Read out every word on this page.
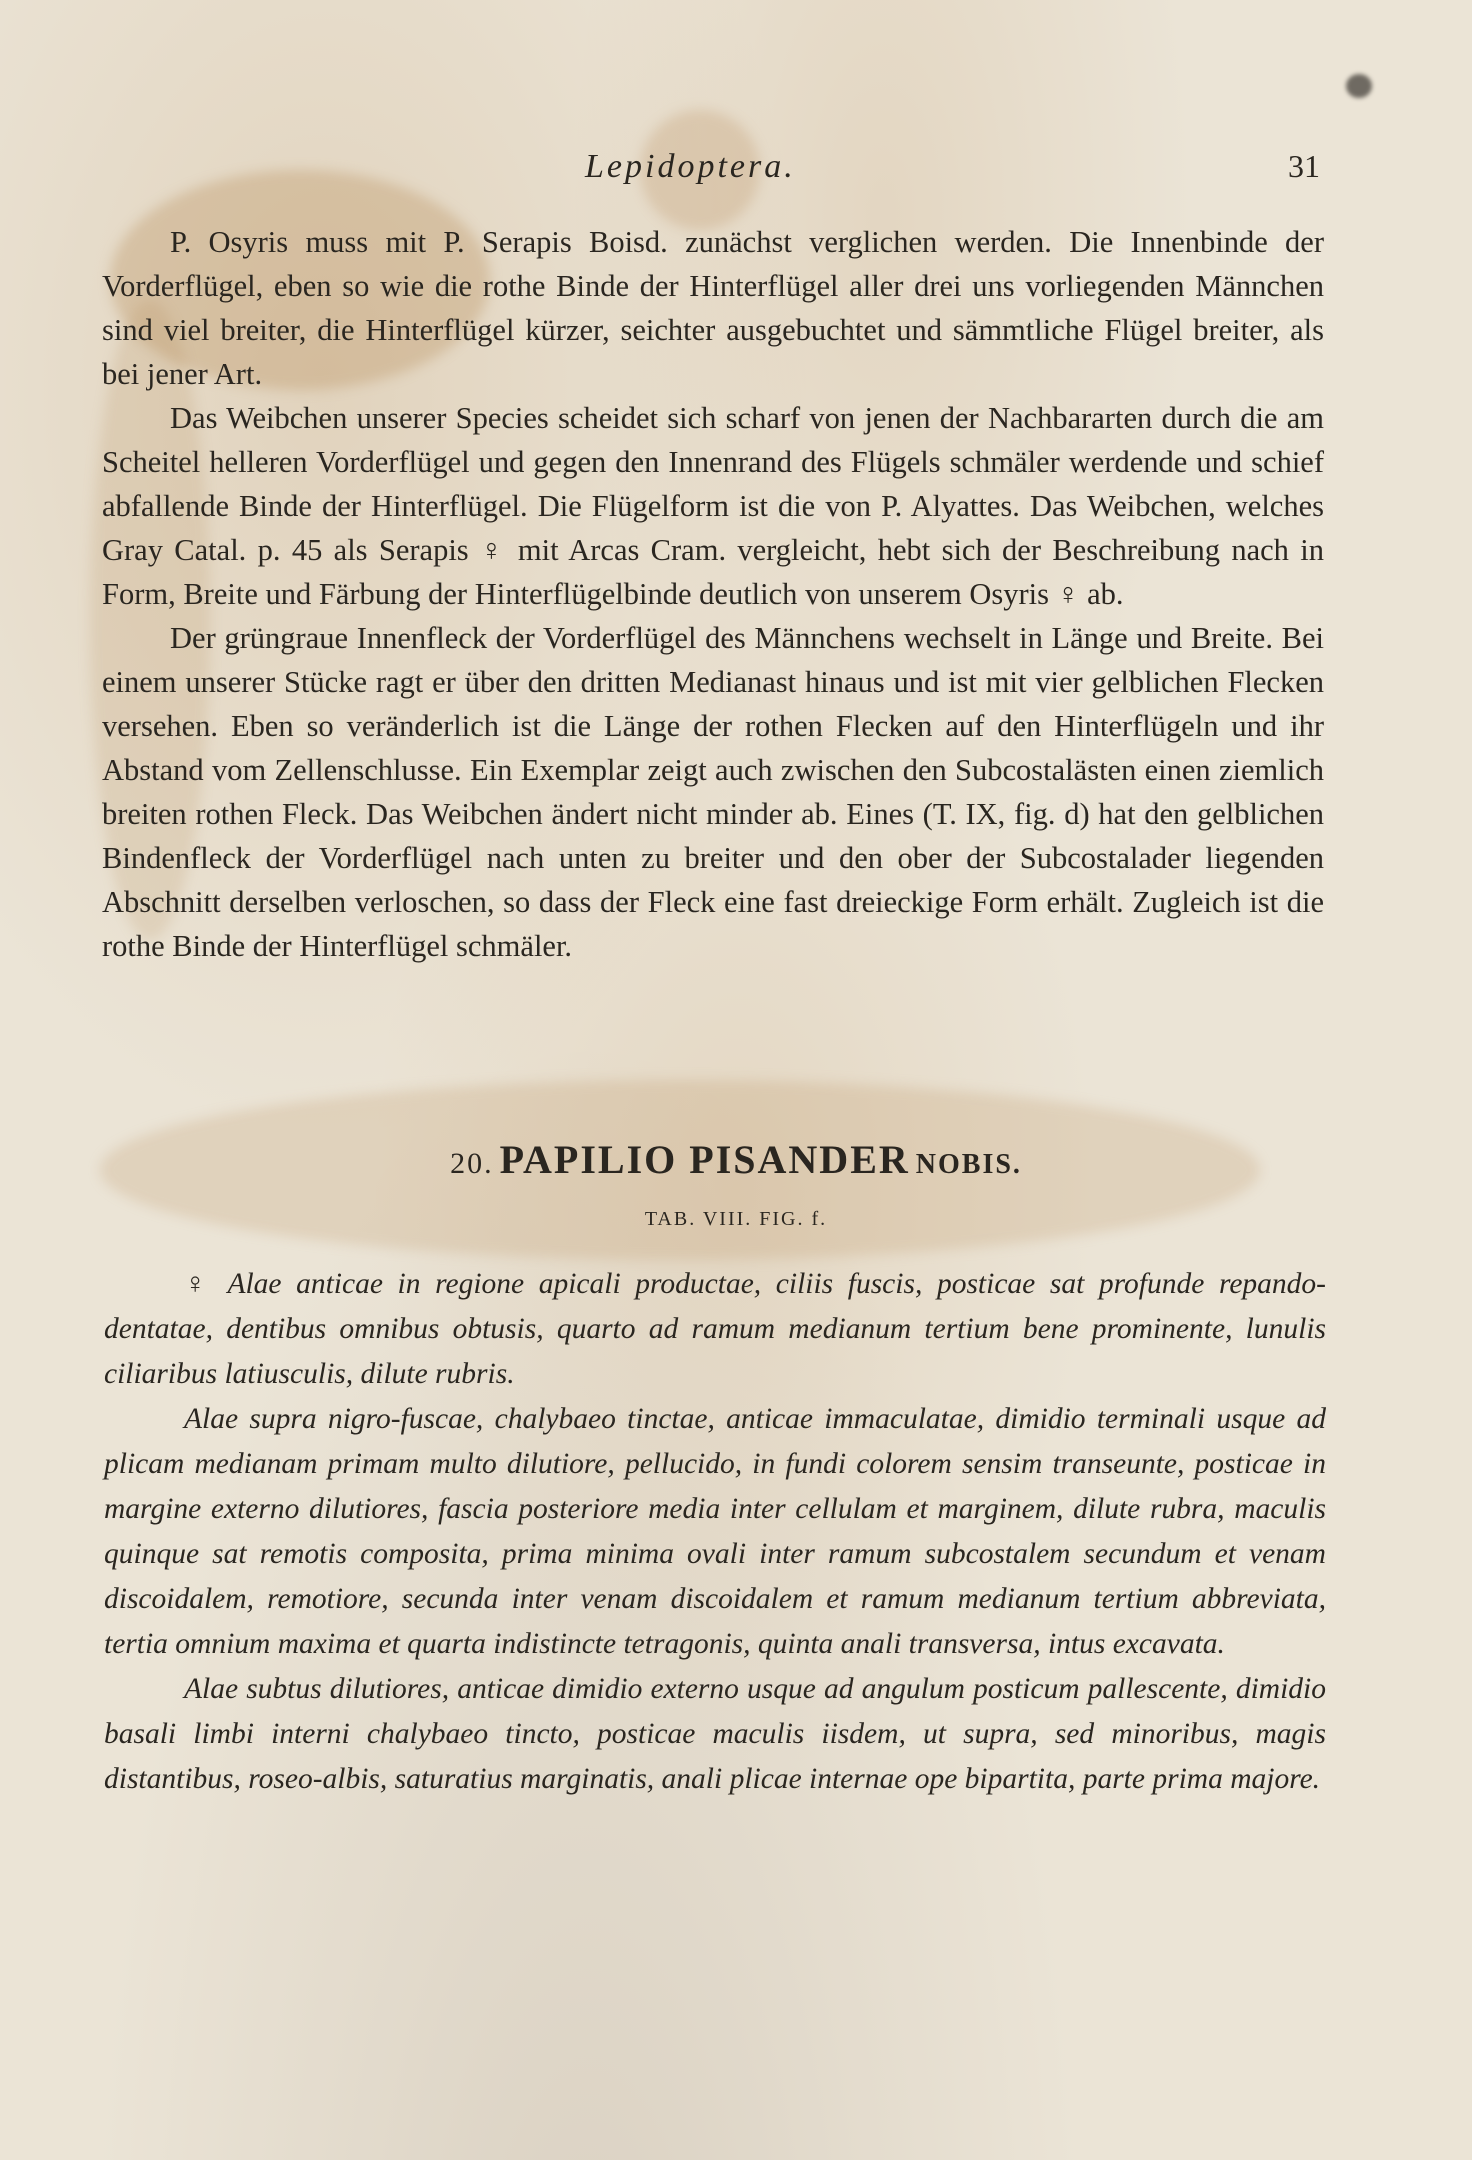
Lepidoptera.	31

P. Osyris muss mit P. Serapis Boisd. zunächst verglichen werden. Die Innenbinde der Vorderflügel, eben so wie die rothe Binde der Hinterflügel aller drei uns vorliegenden Männchen sind viel breiter, die Hinterflügel kürzer, seichter ausgebuchtet und sämmtliche Flügel breiter, als bei jener Art.

Das Weibchen unserer Species scheidet sich scharf von jenen der Nachbararten durch die am Scheitel helleren Vorderflügel und gegen den Innenrand des Flügels schmäler werdende und schief abfallende Binde der Hinterflügel. Die Flügelform ist die von P. Alyattes. Das Weibchen, welches Gray Catal. p. 45 als Serapis ♀ mit Arcas Cram. vergleicht, hebt sich der Beschreibung nach in Form, Breite und Färbung der Hinterflügelbinde deutlich von unserem Osyris ♀ ab.

Der grüngraue Innenfleck der Vorderflügel des Männchens wechselt in Länge und Breite. Bei einem unserer Stücke ragt er über den dritten Medianast hinaus und ist mit vier gelblichen Flecken versehen. Eben so veränderlich ist die Länge der rothen Flecken auf den Hinterflügeln und ihr Abstand vom Zellenschlusse. Ein Exemplar zeigt auch zwischen den Subcostalästen einen ziemlich breiten rothen Fleck. Das Weibchen ändert nicht minder ab. Eines (T. IX, fig. d) hat den gelblichen Bindenfleck der Vorderflügel nach unten zu breiter und den ober der Subcostalader liegenden Abschnitt derselben verloschen, so dass der Fleck eine fast dreieckige Form erhält. Zugleich ist die rothe Binde der Hinterflügel schmäler.

20. PAPILIO PISANDER NOBIS.
TAB. VIII. FIG. f.

♀ Alae anticae in regione apicali productae, ciliis fuscis, posticae sat profunde repando-dentatae, dentibus omnibus obtusis, quarto ad ramum medianum tertium bene prominente, lunulis ciliaribus latiusculis, dilute rubris.

Alae supra nigro-fuscae, chalybaeo tinctae, anticae immaculatae, dimidio terminali usque ad plicam medianam primam multo dilutiore, pellucido, in fundi colorem sensim transeunte, posticae in margine externo dilutiores, fascia posteriore media inter cellulam et marginem, dilute rubra, maculis quinque sat remotis composita, prima minima ovali inter ramum subcostalem secundum et venam discoidalem, remotiore, secunda inter venam discoidalem et ramum medianum tertium abbreviata, tertia omnium maxima et quarta indistincte tetragonis, quinta anali transversa, intus excavata.

Alae subtus dilutiores, anticae dimidio externo usque ad angulum posticum pallescente, dimidio basali limbi interni chalybaeo tincto, posticae maculis iisdem, ut supra, sed minoribus, magis distantibus, roseo-albis, saturatius marginatis, anali plicae internae ope bipartita, parte prima majore.
